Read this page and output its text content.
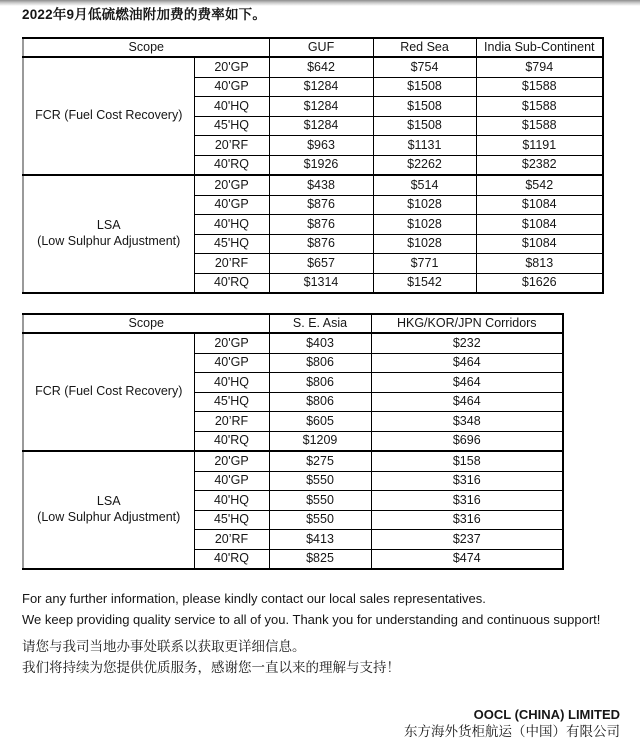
2022年9月低硫燃油附加费的费率如下。
Scope		GUF	Red Sea	India Sub-Continent

FCR (Fuel Cost Recovery)	20'GP	$642	$754	$794
	40'GP	$1284	$1508	$1588
	40'HQ	$1284	$1508	$1588
	45'HQ	$1284	$1508	$1588
	20’RF	$963	$1131	$1191
	40'RQ	$1926	$2262	$2382

LSA
(Low Sulphur Adjustment)	20'GP	$438	$514	$542
	40'GP	$876	$1028	$1084
	40'HQ	$876	$1028	$1084
	45'HQ	$876	$1028	$1084
	20’RF	$657	$771	$813
	40'RQ	$1314	$1542	$1626
Scope		S. E. Asia	HKG/KOR/JPN Corridors

FCR (Fuel Cost Recovery)	20'GP	$403	$232
	40'GP	$806	$464
	40'HQ	$806	$464
	45'HQ	$806	$464
	20’RF	$605	$348
	40'RQ	$1209	$696

LSA
(Low Sulphur Adjustment)	20'GP	$275	$158
	40'GP	$550	$316
	40'HQ	$550	$316
	45'HQ	$550	$316
	20’RF	$413	$237
	40'RQ	$825	$474
For any further information, please kindly contact our local sales representatives.
We keep providing quality service to all of you. Thank you for understanding and continuous support!
请您与我司当地办事处联系以获取更详细信息。
我们将持续为您提供优质服务，感谢您一直以来的理解与支持！
OOCL (CHINA) LIMITED
东方海外货柜航运（中国）有限公司
